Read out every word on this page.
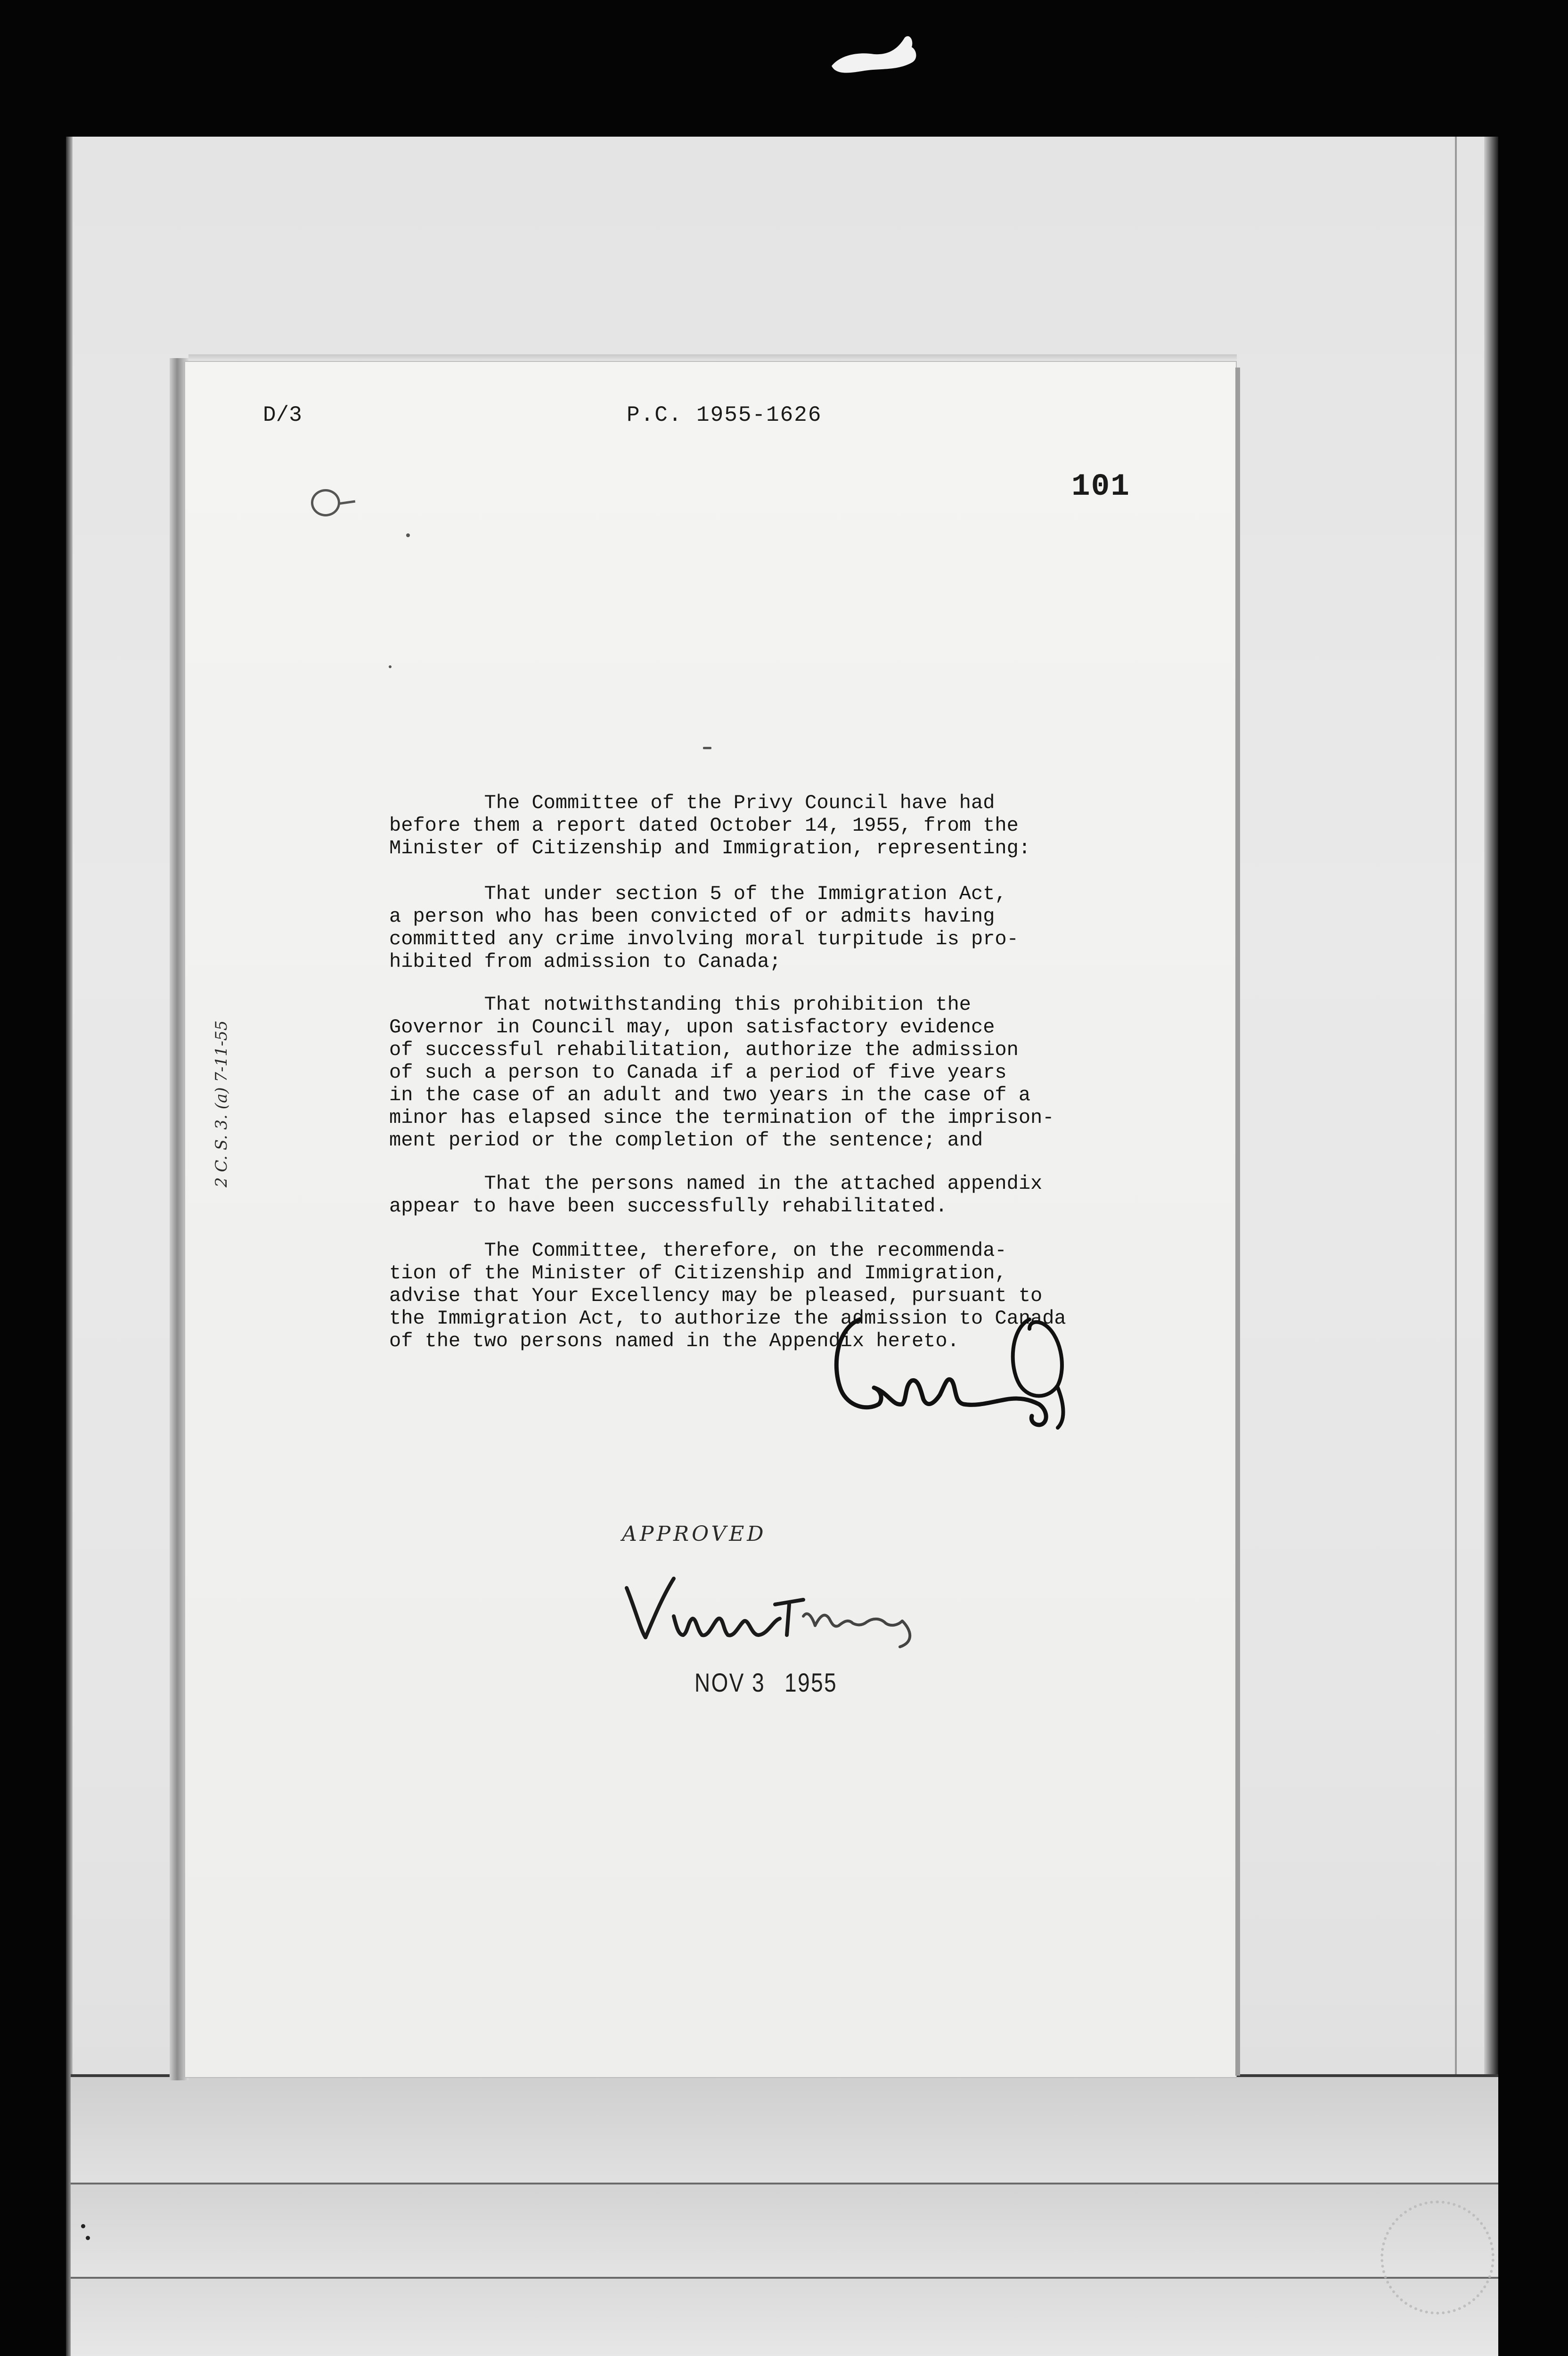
D/3	P.C. 1955-1626
101
The Committee of the Privy Council have had
before them a report dated October 14, 1955, from the
Minister of Citizenship and Immigration, representing:
That under section 5 of the Immigration Act,
a person who has been convicted of or admits having
committed any crime involving moral turpitude is pro-
hibited from admission to Canada;
That notwithstanding this prohibition the
Governor in Council may, upon satisfactory evidence
of successful rehabilitation, authorize the admission
of such a person to Canada if a period of five years
in the case of an adult and two years in the case of a
minor has elapsed since the termination of the imprison-
ment period or the completion of the sentence; and
That the persons named in the attached appendix
appear to have been successfully rehabilitated.
The Committee, therefore, on the recommenda-
tion of the Minister of Citizenship and Immigration,
advise that Your Excellency may be pleased, pursuant to
the Immigration Act, to authorize the admission to Canada
of the two persons named in the Appendix hereto.
2 C. S. 3. (a) 7-11-55
APPROVED
NOV 3 1955
